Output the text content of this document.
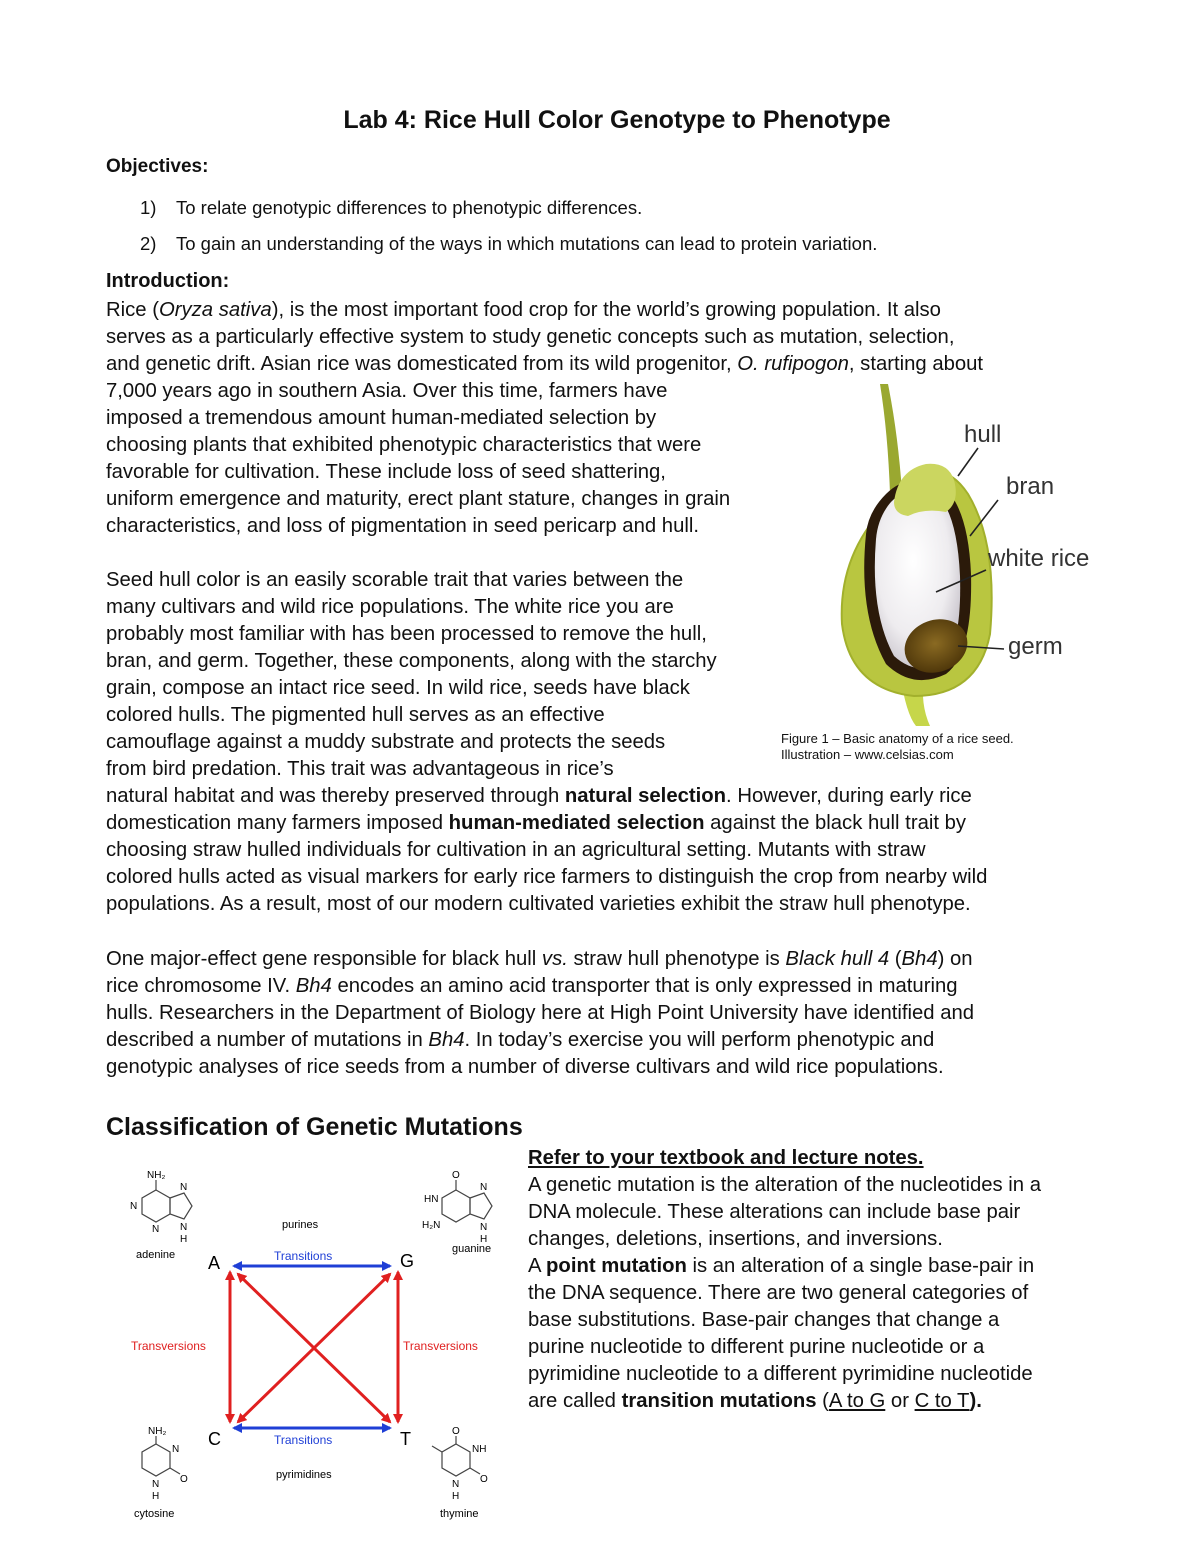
Lab 4: Rice Hull Color Genotype to Phenotype
Objectives:
1) To relate genotypic differences to phenotypic differences.
2) To gain an understanding of the ways in which mutations can lead to protein variation.
Introduction:
Rice (Oryza sativa), is the most important food crop for the world’s growing population. It also
serves as a particularly effective system to study genetic concepts such as mutation, selection,
and genetic drift. Asian rice was domesticated from its wild progenitor, O. rufipogon, starting about
7,000 years ago in southern Asia. Over this time, farmers have
imposed a tremendous amount human-mediated selection by
choosing plants that exhibited phenotypic characteristics that were
favorable for cultivation. These include loss of seed shattering,
uniform emergence and maturity, erect plant stature, changes in grain
characteristics, and loss of pigmentation in seed pericarp and hull.
Seed hull color is an easily scorable trait that varies between the
many cultivars and wild rice populations. The white rice you are
probably most familiar with has been processed to remove the hull,
bran, and germ. Together, these components, along with the starchy
grain, compose an intact rice seed. In wild rice, seeds have black
colored hulls. The pigmented hull serves as an effective
camouflage against a muddy substrate and protects the seeds
from bird predation. This trait was advantageous in rice’s
natural habitat and was thereby preserved through natural selection. However, during early rice
domestication many farmers imposed human-mediated selection against the black hull trait by
choosing straw hulled individuals for cultivation in an agricultural setting. Mutants with straw
colored hulls acted as visual markers for early rice farmers to distinguish the crop from nearby wild
populations. As a result, most of our modern cultivated varieties exhibit the straw hull phenotype.
One major-effect gene responsible for black hull vs. straw hull phenotype is Black hull 4 (Bh4) on
rice chromosome IV. Bh4 encodes an amino acid transporter that is only expressed in maturing
hulls. Researchers in the Department of Biology here at High Point University have identified and
described a number of mutations in Bh4. In today’s exercise you will perform phenotypic and
genotypic analyses of rice seeds from a number of diverse cultivars and wild rice populations.
hull
bran
white rice
germ
Figure 1 – Basic anatomy of a rice seed.
Illustration – www.celsias.com
Classification of Genetic Mutations
Refer to your textbook and lecture notes.
A genetic mutation is the alteration of the nucleotides in a
DNA molecule. These alterations can include base pair
changes, deletions, insertions, and inversions.
A point mutation is an alteration of a single base-pair in
the DNA sequence. There are two general categories of
base substitutions. Base-pair changes that change a
purine nucleotide to different purine nucleotide or a
pyrimidine nucleotide to a different pyrimidine nucleotide
are called transition mutations (A to G or C to T).
NH₂
N
N
N
N
H
adenine
O
HN
H₂N
N
N
H
guanine
purines
pyrimidines
A	G
C	T
Transitions
Transitions
Transversions	Transversions
NH₂
N
N
H
O
cytosine
O
NH
N
H
O
thymine
